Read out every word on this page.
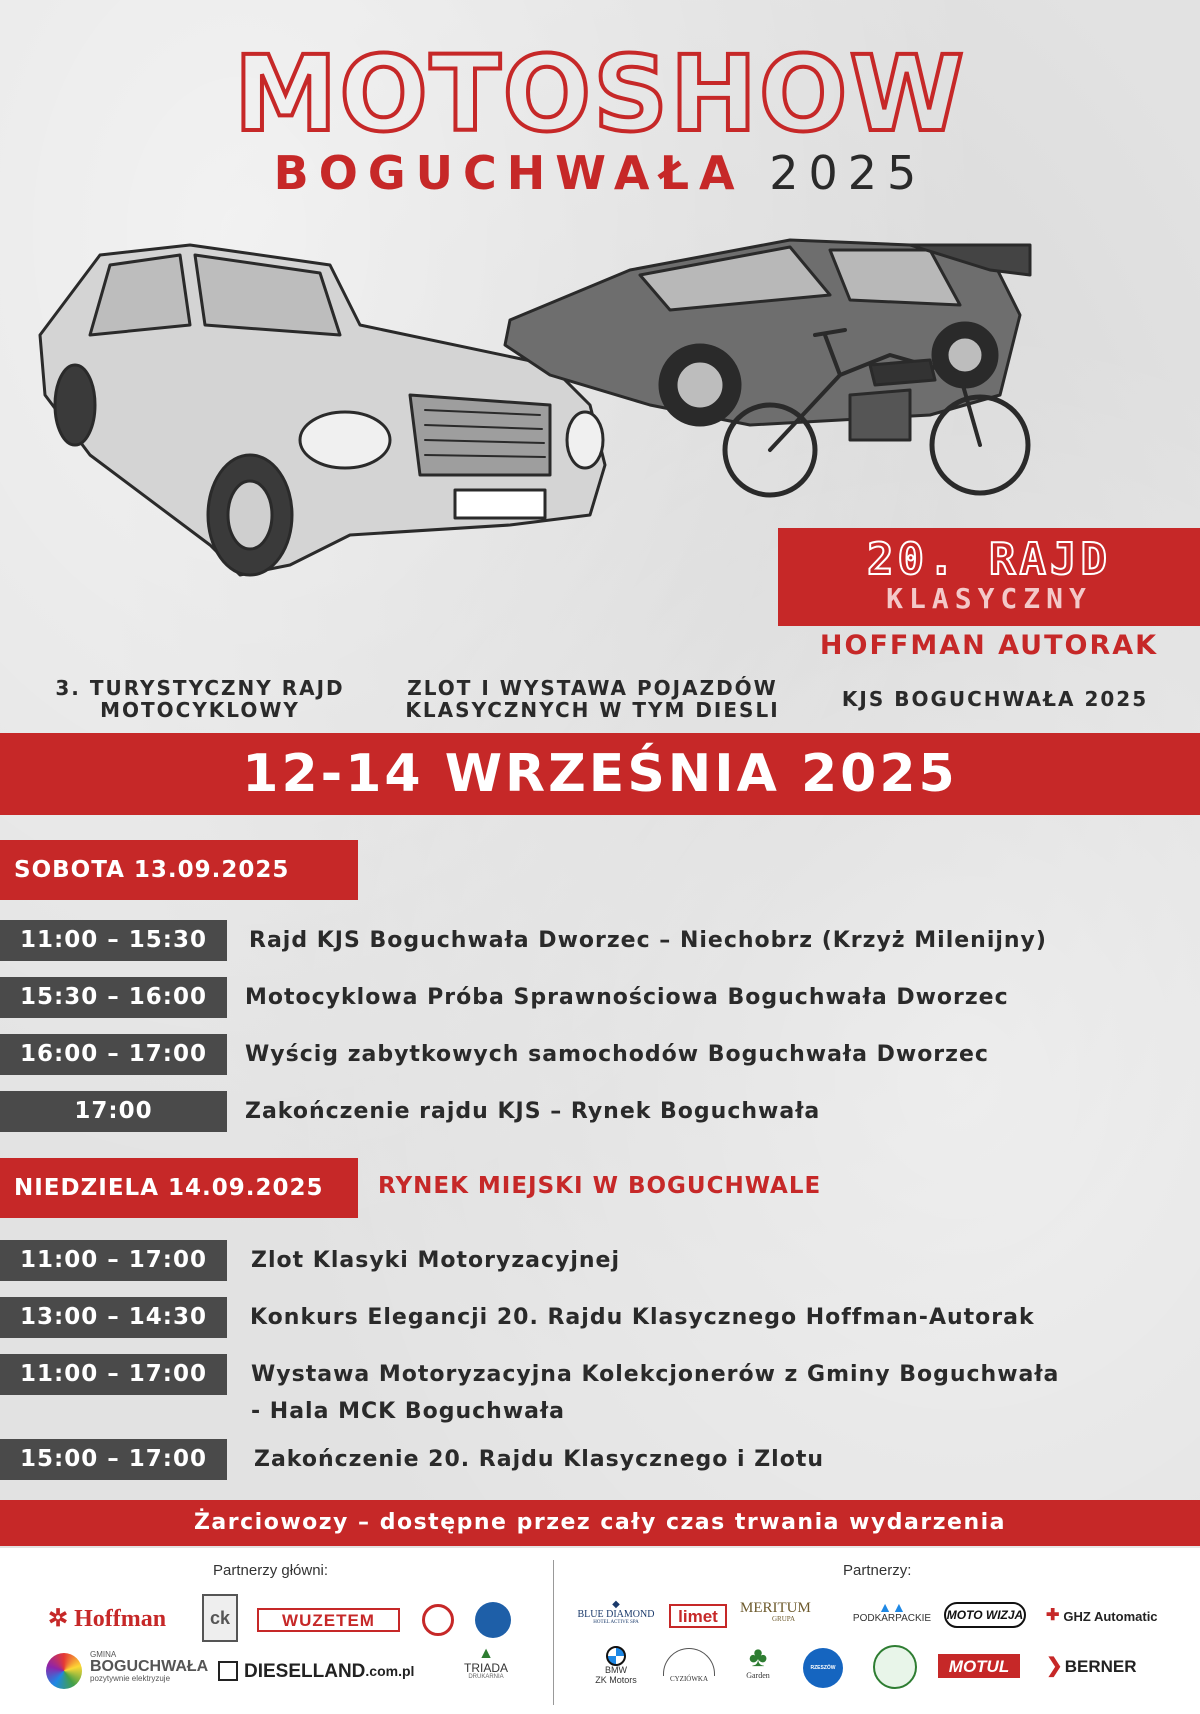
MOTOSHOW
BOGUCHWAŁA 2025
20. RAJD
KLASYCZNY
HOFFMAN AUTORAK
3. TURYSTYCZNY RAJD
MOTOCYKLOWY
ZLOT I WYSTAWA POJAZDÓW
KLASYCZNYCH W TYM DIESLI	KJS BOGUCHWAŁA 2025
12-14 WRZEŚNIA 2025
SOBOTA 13.09.2025
11:00 – 15:30	Rajd KJS Boguchwała Dworzec – Niechobrz (Krzyż Milenijny)
15:30 – 16:00	Motocyklowa Próba Sprawnościowa Boguchwała Dworzec
16:00 – 17:00	Wyścig zabytkowych samochodów Boguchwała Dworzec
17:00	Zakończenie rajdu KJS – Rynek Boguchwała
NIEDZIELA 14.09.2025	RYNEK MIEJSKI W BOGUCHWALE
11:00 – 17:00	Zlot Klasyki Motoryzacyjnej
13:00 – 14:30	Konkurs Elegancji 20. Rajdu Klasycznego Hoffman-Autorak
11:00 – 17:00	Wystawa Motoryzacyjna Kolekcjonerów z Gminy Boguchwała
- Hala MCK Boguchwała
15:00 – 17:00	Zakończenie 20. Rajdu Klasycznego i Zlotu
Żarciowozy – dostępne przez cały czas trwania wydarzenia
Partnerzy główni:	Partnerzy:
✲ Hoffman ck	WUZETEM
GMINA
BOGUCHWAŁA
pozytywnie elektryzuje	DIESELLAND .com.pl
▲
TRIADA
DRUKARNIA
◆
BLUE DIAMOND
HOTEL ACTIVE SPA	limet MERITUM
GRUPA
▲▲
PODKARPACKIE	MOTO WIZJA ✚ GHZ Automatic
BMW
ZK Motors	CYZIÓWKA
♣
Garden
RZESZÓW	MOTUL ❯ BERNER
